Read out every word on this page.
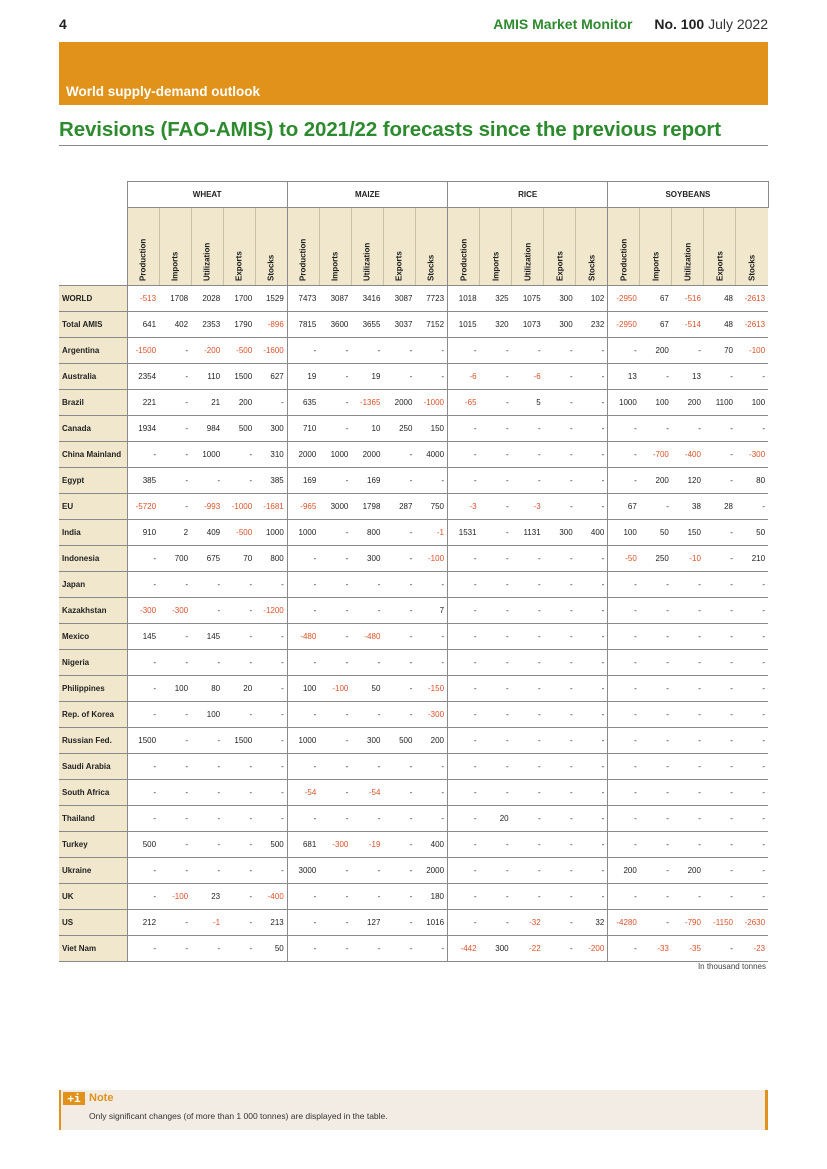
4	AMIS Market Monitor No. 100 July 2022
World supply-demand outlook
Revisions (FAO-AMIS) to 2021/22 forecasts since the previous report
	WHEAT					MAIZE					RICE					SOYBEANS				

	Production	Imports	Utilization	Exports	Stocks	Production	Imports	Utilization	Exports	Stocks	Production	Imports	Utilization	Exports	Stocks	Production	Imports	Utilization	Exports	Stocks

WORLD	-513	1708	2028	1700	1529	7473	3087	3416	3087	7723	1018	325	1075	300	102	-2950	67	-516	48	-2613
Total AMIS	641	402	2353	1790	-896	7815	3600	3655	3037	7152	1015	320	1073	300	232	-2950	67	-514	48	-2613
Argentina	-1500	-	-200	-500	-1600	-	-	-	-	-	-	-	-	-	-	-	200	-	70	-100
Australia	2354	-	110	1500	627	19	-	19	-	-	-6	-	-6	-	-	13	-	13	-	-
Brazil	221	-	21	200	-	635	-	-1365	2000	-1000	-65	-	5	-	-	1000	100	200	1100	100
Canada	1934	-	984	500	300	710	-	10	250	150	-	-	-	-	-	-	-	-	-	-
China Mainland	-	-	1000	-	310	2000	1000	2000	-	4000	-	-	-	-	-	-	-700	-400	-	-300
Egypt	385	-	-	-	385	169	-	169	-	-	-	-	-	-	-	-	200	120	-	80
EU	-5720	-	-993	-1000	-1681	-965	3000	1798	287	750	-3	-	-3	-	-	67	-	38	28	-
India	910	2	409	-500	1000	1000	-	800	-	-1	1531	-	1131	300	400	100	50	150	-	50
Indonesia	-	700	675	70	800	-	-	300	-	-100	-	-	-	-	-	-50	250	-10	-	210
Japan	-	-	-	-	-	-	-	-	-	-	-	-	-	-	-	-	-	-	-	-
Kazakhstan	-300	-300	-	-	-1200	-	-	-	-	7	-	-	-	-	-	-	-	-	-	-
Mexico	145	-	145	-	-	-480	-	-480	-	-	-	-	-	-	-	-	-	-	-	-
Nigeria	-	-	-	-	-	-	-	-	-	-	-	-	-	-	-	-	-	-	-	-
Philippines	-	100	80	20	-	100	-100	50	-	-150	-	-	-	-	-	-	-	-	-	-
Rep. of Korea	-	-	100	-	-	-	-	-	-	-300	-	-	-	-	-	-	-	-	-	-
Russian Fed.	1500	-	-	1500	-	1000	-	300	500	200	-	-	-	-	-	-	-	-	-	-
Saudi Arabia	-	-	-	-	-	-	-	-	-	-	-	-	-	-	-	-	-	-	-	-
South Africa	-	-	-	-	-	-54	-	-54	-	-	-	-	-	-	-	-	-	-	-	-
Thailand	-	-	-	-	-	-	-	-	-	-	-	20	-	-	-	-	-	-	-	-
Turkey	500	-	-	-	500	681	-300	-19	-	400	-	-	-	-	-	-	-	-	-	-
Ukraine	-	-	-	-	-	3000	-	-	-	2000	-	-	-	-	-	200	-	200	-	-
UK	-	-100	23	-	-400	-	-	-	-	180	-	-	-	-	-	-	-	-	-	-
US	212	-	-1	-	213	-	-	127	-	1016	-	-	-32	-	32	-4280	-	-790	-1150	-2630
Viet Nam	-	-	-	-	50	-	-	-	-	-	-442	300	-22	-	-200	-	-33	-35	-	-23
In thousand tonnes
+i Note
Only significant changes (of more than 1 000 tonnes) are displayed in the table.
